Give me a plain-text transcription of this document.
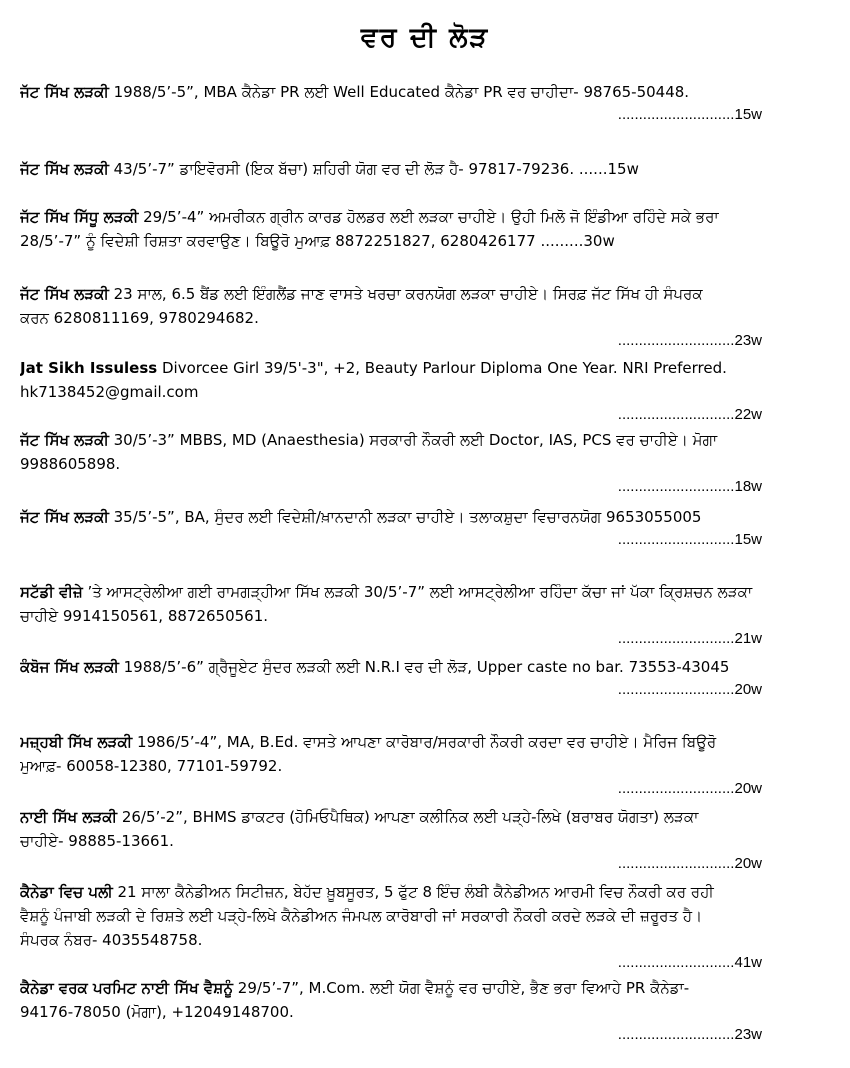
ਵਰ ਦੀ ਲੋੜ
ਜੱਟ ਸਿੱਖ ਲੜਕੀ 1988/5’-5”, MBA ਕੈਨੇਡਾ PR ਲਈ Well Educated ਕੈਨੇਡਾ PR ਵਰ ਚਾਹੀਦਾ- 98765-50448.
............................15w
ਜੱਟ ਸਿੱਖ ਲੜਕੀ 43/5’-7” ਡਾਇਵੋਰਸੀ (ਇਕ ਬੱਚਾ) ਸ਼ਹਿਰੀ ਯੋਗ ਵਰ ਦੀ ਲੋੜ ਹੈ- 97817-79236. ......15w
ਜੱਟ ਸਿੱਖ ਸਿੱਧੂ ਲੜਕੀ 29/5’-4” ਅਮਰੀਕਨ ਗ੍ਰੀਨ ਕਾਰਡ ਹੋਲਡਰ ਲਈ ਲੜਕਾ ਚਾਹੀਏ। ਉਹੀ ਮਿਲੋ ਜੋ ਇੰਡੀਆ ਰਹਿੰਦੇ ਸਕੇ ਭਰਾ
28/5’-7” ਨੂੰ ਵਿਦੇਸ਼ੀ ਰਿਸ਼ਤਾ ਕਰਵਾਉਣ। ਬਿਊਰੋ ਮੁਆਫ਼ 8872251827, 6280426177 .........30w
ਜੱਟ ਸਿੱਖ ਲੜਕੀ 23 ਸਾਲ, 6.5 ਬੈਂਡ ਲਈ ਇੰਗਲੈਂਡ ਜਾਣ ਵਾਸਤੇ ਖਰਚਾ ਕਰਨਯੋਗ ਲੜਕਾ ਚਾਹੀਏ। ਸਿਰਫ਼ ਜੱਟ ਸਿੱਖ ਹੀ ਸੰਪਰਕ
ਕਰਨ 6280811169, 9780294682.
............................23w
Jat Sikh Issuless Divorcee Girl 39/5'-3", +2, Beauty Parlour Diploma One Year. NRI Preferred.
hk7138452@gmail.com
............................22w
ਜੱਟ ਸਿੱਖ ਲੜਕੀ 30/5’-3” MBBS, MD (Anaesthesia) ਸਰਕਾਰੀ ਨੌਕਰੀ ਲਈ Doctor, IAS, PCS ਵਰ ਚਾਹੀਏ। ਮੋਗਾ
9988605898.
............................18w
ਜੱਟ ਸਿੱਖ ਲੜਕੀ 35/5’-5”, BA, ਸੁੰਦਰ ਲਈ ਵਿਦੇਸ਼ੀ/ਖ਼ਾਨਦਾਨੀ ਲੜਕਾ ਚਾਹੀਏ। ਤਲਾਕਸ਼ੁਦਾ ਵਿਚਾਰਨਯੋਗ 9653055005
............................15w
ਸਟੱਡੀ ਵੀਜ਼ੇ ’ਤੇ ਆਸਟ੍ਰੇਲੀਆ ਗਈ ਰਾਮਗੜ੍ਹੀਆ ਸਿੱਖ ਲੜਕੀ 30/5’-7” ਲਈ ਆਸਟ੍ਰੇਲੀਆ ਰਹਿੰਦਾ ਕੱਚਾ ਜਾਂ ਪੱਕਾ ਕ੍ਰਿਸ਼ਚਨ ਲੜਕਾ
ਚਾਹੀਏ 9914150561, 8872650561.
............................21w
ਕੰਬੋਜ ਸਿੱਖ ਲੜਕੀ 1988/5’-6” ਗ੍ਰੈਜੂਏਟ ਸੁੰਦਰ ਲੜਕੀ ਲਈ N.R.I ਵਰ ਦੀ ਲੋੜ, Upper caste no bar. 73553-43045
............................20w
ਮਜ਼੍ਹਬੀ ਸਿੱਖ ਲੜਕੀ 1986/5’-4”, MA, B.Ed. ਵਾਸਤੇ ਆਪਣਾ ਕਾਰੋਬਾਰ/ਸਰਕਾਰੀ ਨੌਕਰੀ ਕਰਦਾ ਵਰ ਚਾਹੀਏ। ਮੈਰਿਜ ਬਿਊਰੋ
ਮੁਆਫ਼- 60058-12380, 77101-59792.
............................20w
ਨਾਈ ਸਿੱਖ ਲੜਕੀ 26/5’-2”, BHMS ਡਾਕਟਰ (ਹੋਮਿਓਪੈਥਿਕ) ਆਪਣਾ ਕਲੀਨਿਕ ਲਈ ਪੜ੍ਹੇ-ਲਿਖੇ (ਬਰਾਬਰ ਯੋਗਤਾ) ਲੜਕਾ
ਚਾਹੀਏ- 98885-13661.
............................20w
ਕੈਨੇਡਾ ਵਿਚ ਪਲੀ 21 ਸਾਲਾ ਕੈਨੇਡੀਅਨ ਸਿਟੀਜ਼ਨ, ਬੇਹੱਦ ਖ਼ੂਬਸੂਰਤ, 5 ਫੁੱਟ 8 ਇੰਚ ਲੰਬੀ ਕੈਨੇਡੀਅਨ ਆਰਮੀ ਵਿਚ ਨੌਕਰੀ ਕਰ ਰਹੀ
ਵੈਸ਼ਨੂੰ ਪੰਜਾਬੀ ਲੜਕੀ ਦੇ ਰਿਸ਼ਤੇ ਲਈ ਪੜ੍ਹੇ-ਲਿਖੇ ਕੈਨੇਡੀਅਨ ਜੰਮਪਲ ਕਾਰੋਬਾਰੀ ਜਾਂ ਸਰਕਾਰੀ ਨੌਕਰੀ ਕਰਦੇ ਲੜਕੇ ਦੀ ਜ਼ਰੂਰਤ ਹੈ।
ਸੰਪਰਕ ਨੰਬਰ- 4035548758.
............................41w
ਕੈਨੇਡਾ ਵਰਕ ਪਰਮਿਟ ਨਾਈ ਸਿੱਖ ਵੈਸ਼ਨੂੰ 29/5’-7”, M.Com. ਲਈ ਯੋਗ ਵੈਸ਼ਨੂੰ ਵਰ ਚਾਹੀਏ, ਭੈਣ ਭਰਾ ਵਿਆਹੇ PR ਕੈਨੇਡਾ-
94176-78050 (ਮੋਗਾ), +12049148700.
............................23w
